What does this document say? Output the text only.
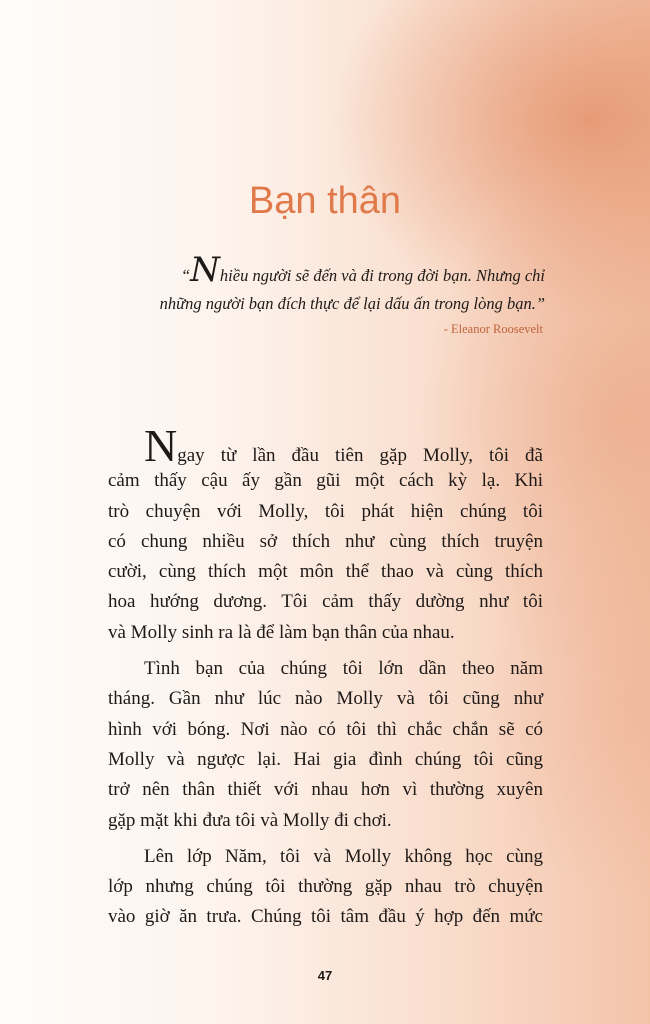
Bạn thân
“Nhiều người sẽ đến và đi trong đời bạn. Nhưng chỉ
những người bạn đích thực để lại dấu ấn trong lòng bạn.”
- Eleanor Roosevelt
Ngay từ lần đầu tiên gặp Molly, tôi đã
cảm thấy cậu ấy gần gũi một cách kỳ lạ. Khi
trò chuyện với Molly, tôi phát hiện chúng tôi
có chung nhiều sở thích như cùng thích truyện
cười, cùng thích một môn thể thao và cùng thích
hoa hướng dương. Tôi cảm thấy dường như tôi
và Molly sinh ra là để làm bạn thân của nhau.
Tình bạn của chúng tôi lớn dần theo năm
tháng. Gần như lúc nào Molly và tôi cũng như
hình với bóng. Nơi nào có tôi thì chắc chắn sẽ có
Molly và ngược lại. Hai gia đình chúng tôi cũng
trở nên thân thiết với nhau hơn vì thường xuyên
gặp mặt khi đưa tôi và Molly đi chơi.
Lên lớp Năm, tôi và Molly không học cùng
lớp nhưng chúng tôi thường gặp nhau trò chuyện
vào giờ ăn trưa. Chúng tôi tâm đầu ý hợp đến mức
47
